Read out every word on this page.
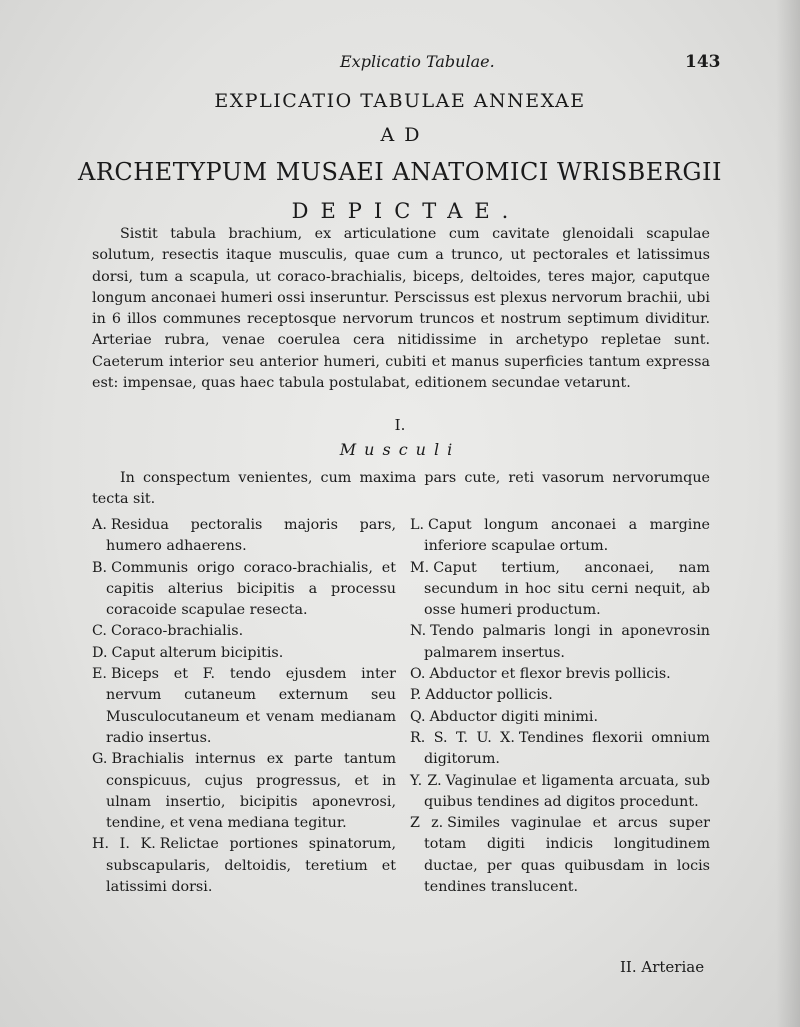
Explicatio Tabulae.	143
EXPLICATIO TABULAE ANNEXAE
AD
ARCHETYPUM MUSAEI ANATOMICI WRISBERGII
DEPICTAE.

Sistit tabula brachium, ex articulatione cum cavitate glenoidali scapulae solutum, resectis itaque musculis, quae cum a trunco, ut pectorales et latissimus dorsi, tum a scapula, ut coraco-brachialis, biceps, deltoides, teres major, caputque longum anconaei humeri ossi inseruntur. Perscissus est plexus nervorum brachii, ubi in 6 illos communes receptosque nervorum truncos et nostrum septimum dividitur. Arteriae rubra, venae coerulea cera nitidissime in archetypo repletae sunt. Caeterum interior seu anterior humeri, cubiti et manus superficies tantum expressa est: impensae, quas haec tabula postulabat, editionem secundae vetarunt.

I.
Musculi

In conspectum venientes, cum maxima pars cute, reti vasorum nervorumque tecta sit.

A. Residua pectoralis majoris pars, humero adhaerens.
B. Communis origo coraco-brachialis, et capitis alterius bicipitis a processu coracoide scapulae resecta.
C. Coraco-brachialis.
D. Caput alterum bicipitis.
E. Biceps et F. tendo ejusdem inter nervum cutaneum externum seu Musculocutaneum et venam medianam radio insertus.
G. Brachialis internus ex parte tantum conspicuus, cujus progressus, et in ulnam insertio, bicipitis aponevrosi, tendine, et vena mediana tegitur.
H. I. K. Relictae portiones spinatorum, subscapularis, deltoidis, teretium et latissimi dorsi.
L. Caput longum anconaei a margine inferiore scapulae ortum.
M. Caput tertium, anconaei, nam secundum in hoc situ cerni nequit, ab osse humeri productum.
N. Tendo palmaris longi in aponevrosin palmarem insertus.
O. Abductor et flexor brevis pollicis.
P. Adductor pollicis.
Q. Abductor digiti minimi.
R. S. T. U. X. Tendines flexorii omnium digitorum.
Y. Z. Vaginulae et ligamenta arcuata, sub quibus tendines ad digitos procedunt.
Z z. Similes vaginulae et arcus super totam digiti indicis longitudinem ductae, per quas quibusdam in locis tendines translucent.
II. Arteriae
